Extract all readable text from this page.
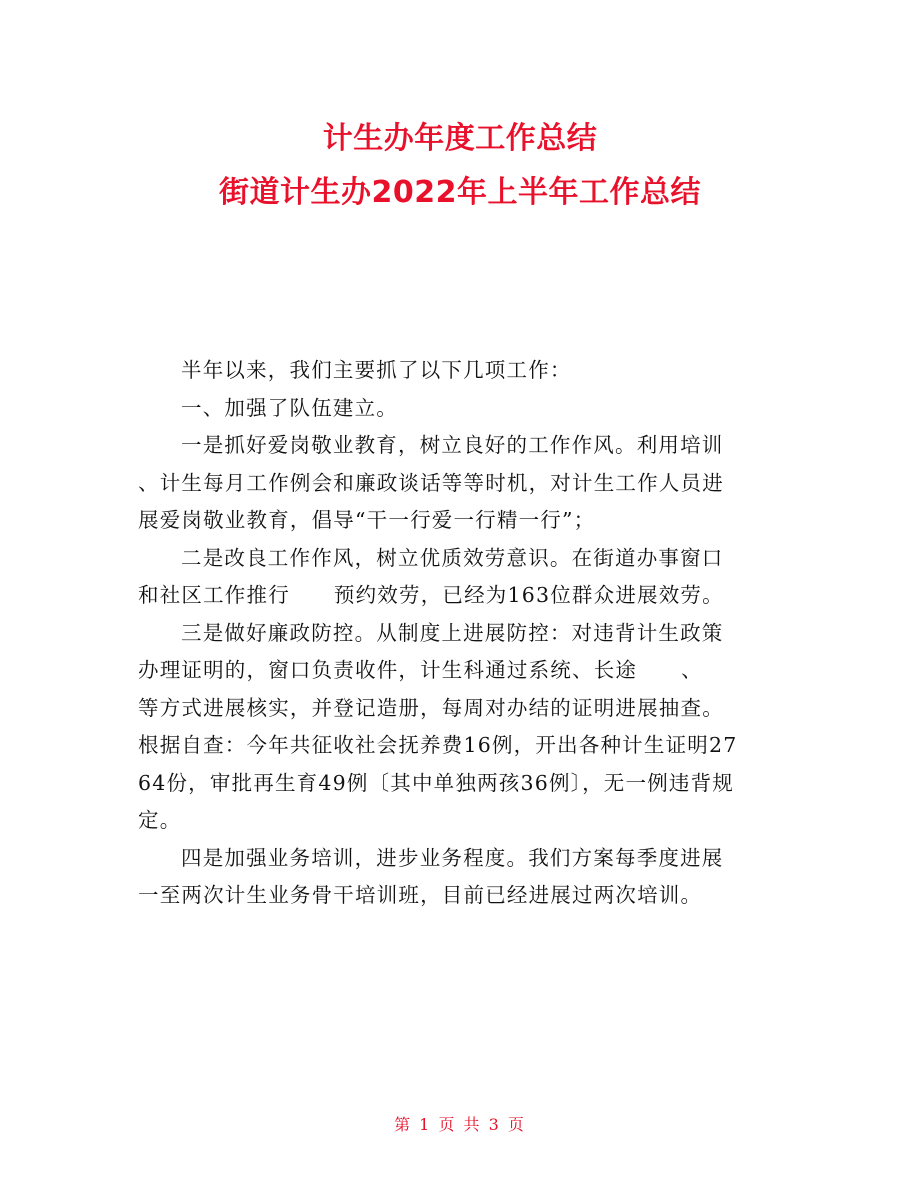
计生办年度工作总结
街道计生办2022年上半年工作总结
半年以来，我们主要抓了以下几项工作：
一、加强了队伍建立。
一是抓好爱岗敬业教育，树立良好的工作作风。利用培训
、计生每月工作例会和廉政谈话等等时机，对计生工作人员进
展爱岗敬业教育，倡导“干一行爱一行精一行”；
二是改良工作作风，树立优质效劳意识。在街道办事窗口
和社区工作推行 预约效劳，已经为163位群众进展效劳。
三是做好廉政防控。从制度上进展防控：对违背计生政策
办理证明的，窗口负责收件，计生科通过系统、长途 、
等方式进展核实，并登记造册，每周对办结的证明进展抽查。
根据自查：今年共征收社会抚养费16例，开出各种计生证明27
64份，审批再生育49例〔其中单独两孩36例〕，无一例违背规
定。
四是加强业务培训，进步业务程度。我们方案每季度进展
一至两次计生业务骨干培训班，目前已经进展过两次培训。
第 1 页 共 3 页
